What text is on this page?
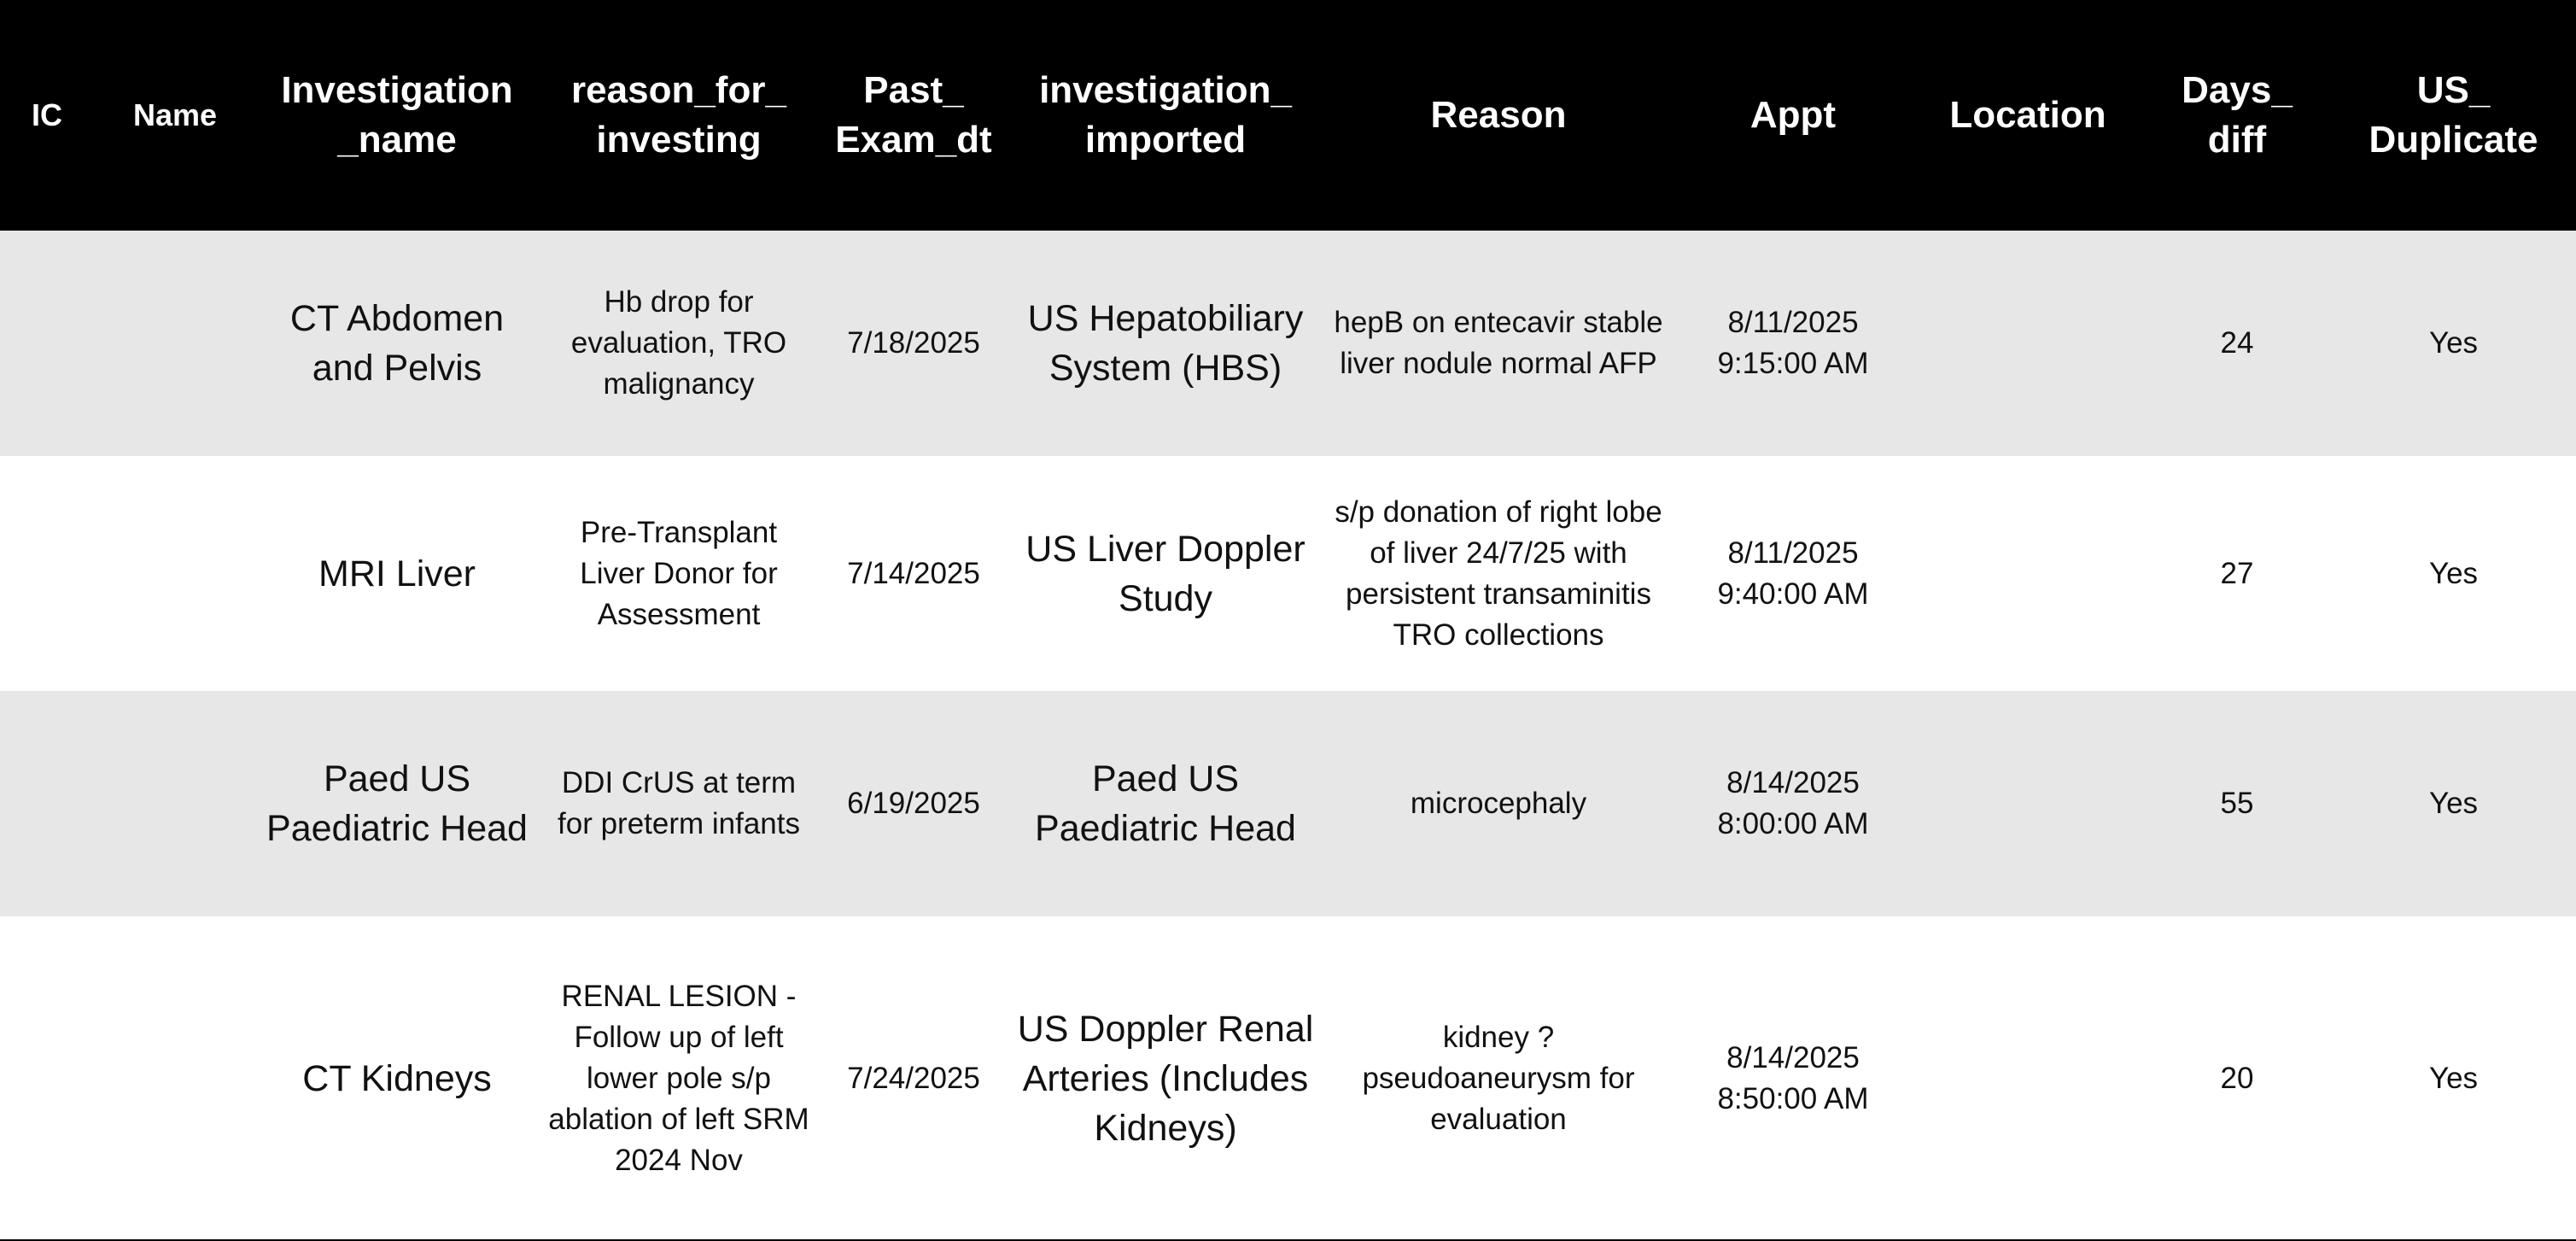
IC	Name	Investigation _name	reason_for_ investing	Past_ Exam_dt	investigation_ imported	Reason	Appt	Location	Days_ diff	US_ Duplicate
		CT Abdomen and Pelvis	Hb drop for evaluation, TRO malignancy	7/18/2025	US Hepatobiliary System (HBS)	hepB on entecavir stable liver nodule normal AFP	8/11/2025 9:15:00 AM		24	Yes
		MRI Liver	Pre-Transplant Liver Donor for Assessment	7/14/2025	US Liver Doppler Study	s/p donation of right lobe of liver 24/7/25 with persistent transaminitis TRO collections	8/11/2025 9:40:00 AM		27	Yes
		Paed US Paediatric Head	DDI CrUS at term for preterm infants	6/19/2025	Paed US Paediatric Head	microcephaly	8/14/2025 8:00:00 AM		55	Yes
		CT Kidneys	RENAL LESION - Follow up of left lower pole s/p ablation of left SRM 2024 Nov	7/24/2025	US Doppler Renal Arteries (Includes Kidneys)	kidney ?pseudoaneurysm for evaluation	8/14/2025 8:50:00 AM		20	Yes
